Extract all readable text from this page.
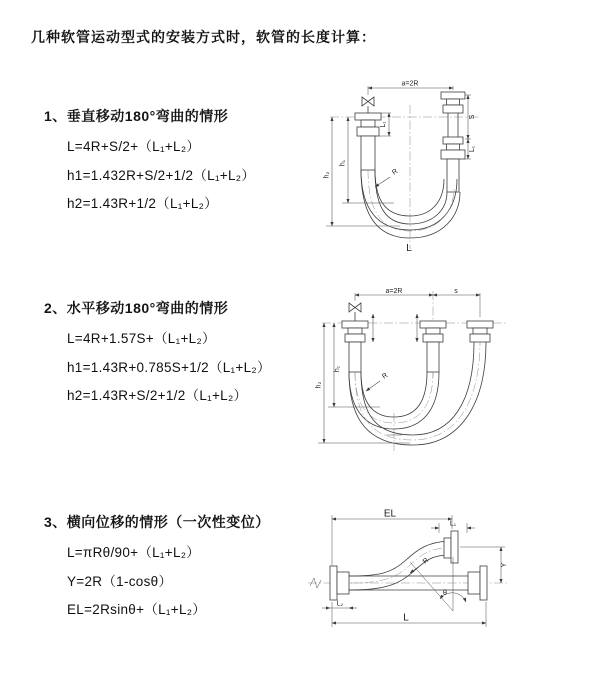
几种软管运动型式的安装方式时，软管的长度计算：
1、垂直移动180°弯曲的情形

L=4R+S/2+（L₁+L₂）

h1=1.432R+S/2+1/2（L₁+L₂）

h2=1.43R+1/2（L₁+L₂）

2、水平移动180°弯曲的情形

L=4R+1.57S+（L₁+L₂）

h1=1.43R+0.785S+1/2（L₁+L₂）

h2=1.43R+S/2+1/2（L₁+L₂）

3、横向位移的情形（一次性变位）

L=πRθ/90+（L₁+L₂）

Y=2R（1-cosθ）

EL=2Rsinθ+（L₁+L₂）

a=2R
S
L₁
L₁
h₁
h₂	R
L
a=2R	s
h₁
h₂
R
θ
R
EL
L₁
Y
L
L₂
